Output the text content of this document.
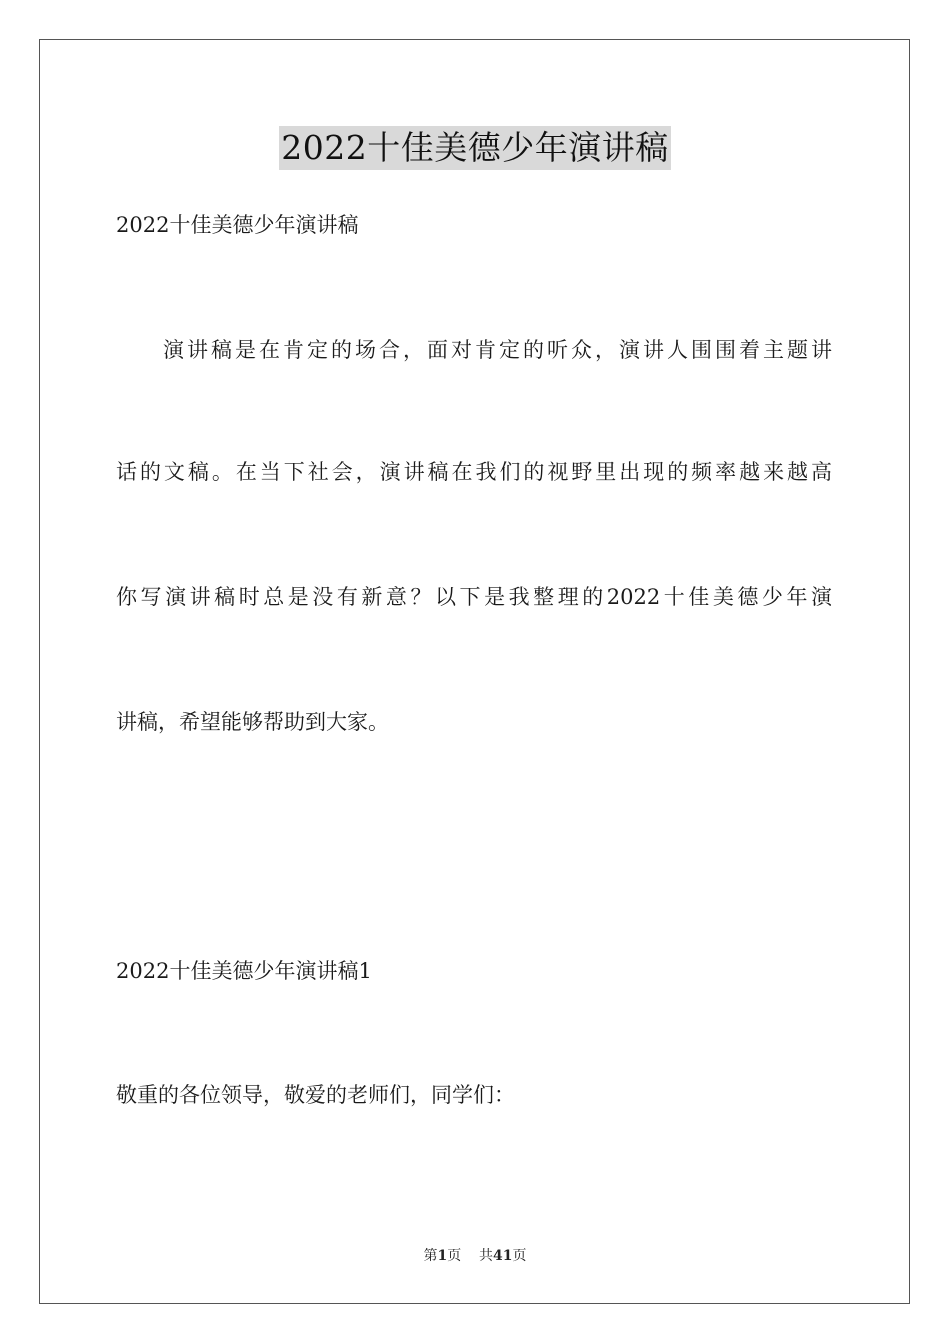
2022十佳美德少年演讲稿
2022十佳美德少年演讲稿
演讲稿是在肯定的场合，面对肯定的听众，演讲人围围着主题讲
话的文稿。在当下社会，演讲稿在我们的视野里出现的频率越来越高
你写演讲稿时总是没有新意？以下是我整理的2022十佳美德少年演
讲稿，希望能够帮助到大家。
2022十佳美德少年演讲稿1
敬重的各位领导，敬爱的老师们，同学们：
第1页 共41页
